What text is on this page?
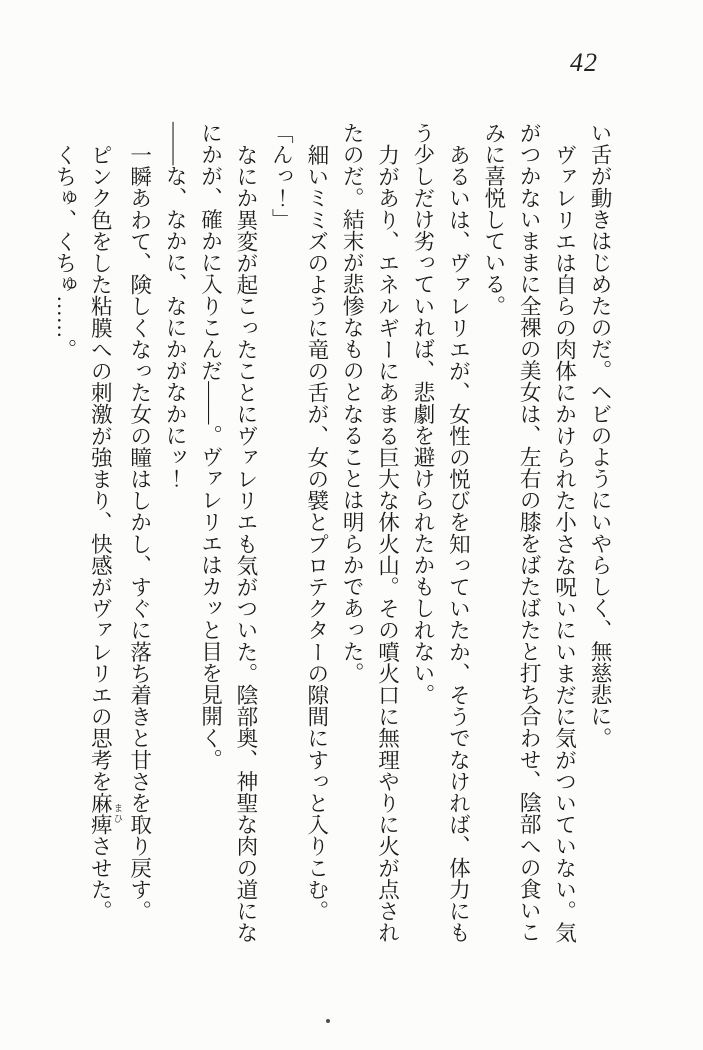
42

い舌が動きはじめたのだ。ヘビのようにいやらしく、無慈悲に。

ヴァレリエは自らの肉体にかけられた小さな呪いにいまだに気がついていない。気

がつかないままに全裸の美女は、左右の膝をばたばたと打ち合わせ、陰部への食いこ

みに喜悦している。

あるいは、ヴァレリエが、女性の悦びを知っていたか、そうでなければ、体力にも

う少しだけ劣っていれば、悲劇を避けられたかもしれない。

力があり、エネルギーにあまる巨大な休火山。その噴火口に無理やりに火が点され

たのだ。結末が悲惨なものとなることは明らかであった。

細いミミズのように竜の舌が、女の襞とプロテクターの隙間にすっと入りこむ。

「んっ！」

なにか異変が起こったことにヴァレリエも気がついた。陰部奥、神聖な肉の道にな

にかが、確かに入りこんだ――。ヴァレリエはカッと目を見開く。

――な、なかに、なにかがなかにッ！

一瞬あわて、険しくなった女の瞳はしかし、すぐに落ち着きと甘さを取り戻す。

ピンク色をした粘膜への刺激が強まり、快感がヴァレリエの思考を麻痺 まひさせた。

くちゅ、くちゅ……。
